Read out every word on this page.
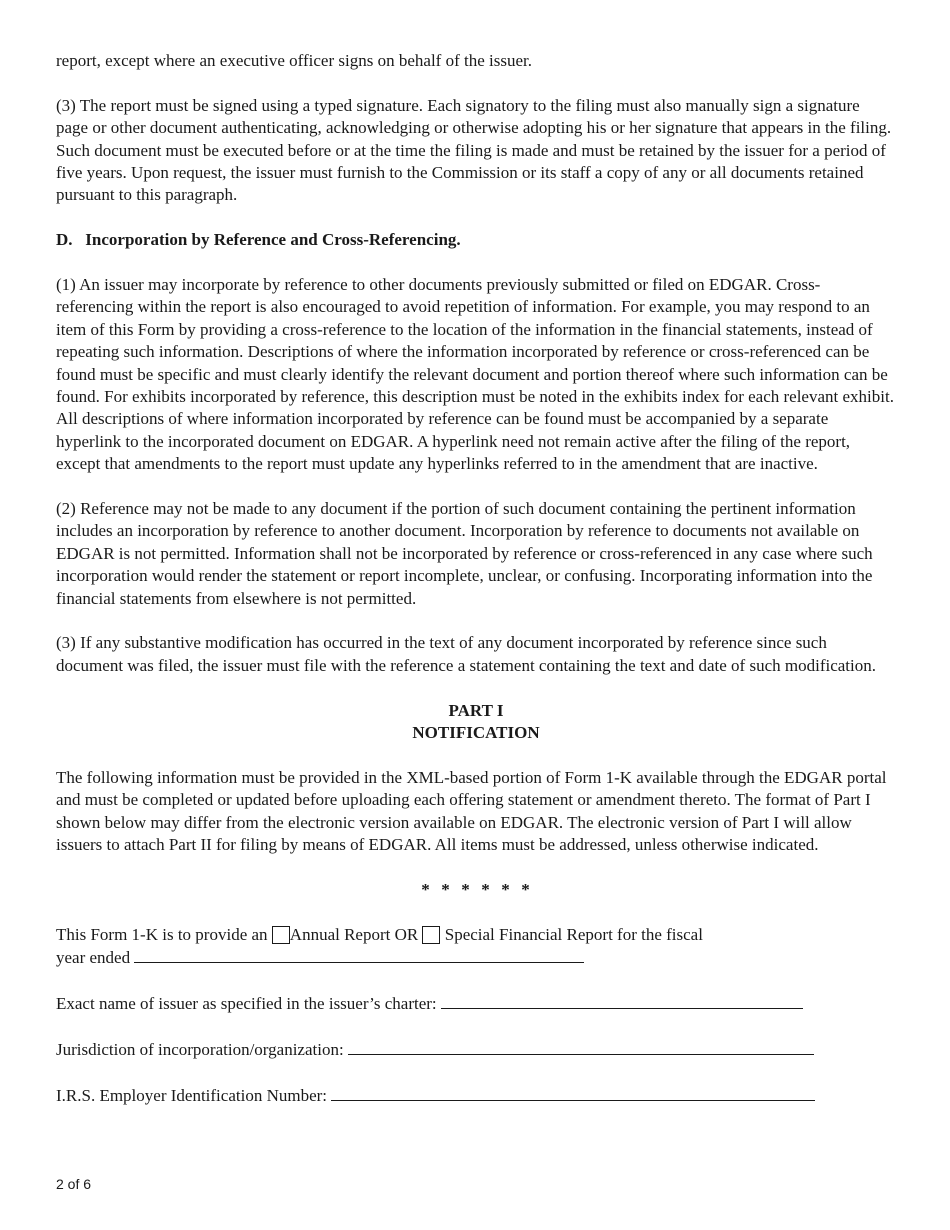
report, except where an executive officer signs on behalf of the issuer.

(3) The report must be signed using a typed signature. Each signatory to the filing must also manually sign a signature page or other document authenticating, acknowledging or otherwise adopting his or her signature that appears in the filing. Such document must be executed before or at the time the filing is made and must be retained by the issuer for a period of five years. Upon request, the issuer must furnish to the Commission or its staff a copy of any or all documents retained pursuant to this paragraph.

D.   Incorporation by Reference and Cross-Referencing.

(1) An issuer may incorporate by reference to other documents previously submitted or filed on EDGAR. Cross-referencing within the report is also encouraged to avoid repetition of information. For example, you may respond to an item of this Form by providing a cross-reference to the location of the information in the financial statements, instead of repeating such information. Descriptions of where the information incorporated by reference or cross-referenced can be found must be specific and must clearly identify the relevant document and portion thereof where such information can be found. For exhibits incorporated by reference, this description must be noted in the exhibits index for each relevant exhibit. All descriptions of where information incorporated by reference can be found must be accompanied by a separate hyperlink to the incorporated document on EDGAR. A hyperlink need not remain active after the filing of the report, except that amendments to the report must update any hyperlinks referred to in the amendment that are inactive.

(2) Reference may not be made to any document if the portion of such document containing the pertinent information includes an incorporation by reference to another document. Incorporation by reference to documents not available on EDGAR is not permitted. Information shall not be incorporated by reference or cross-referenced in any case where such incorporation would render the statement or report incomplete, unclear, or confusing. Incorporating information into the financial statements from elsewhere is not permitted.

(3) If any substantive modification has occurred in the text of any document incorporated by reference since such document was filed, the issuer must file with the reference a statement containing the text and date of such modification.

PART I

NOTIFICATION

The following information must be provided in the XML-based portion of Form 1-K available through the EDGAR portal and must be completed or updated before uploading each offering statement or amendment thereto. The format of Part I shown below may differ from the electronic version available on EDGAR. The electronic version of Part I will allow issuers to attach Part II for filing by means of EDGAR. All items must be addressed, unless otherwise indicated.

*  *  *  *  *  *

This Form 1-K is to provide an Annual Report OR Special Financial Report for the fiscal
year ended
Exact name of issuer as specified in the issuer’s charter:
Jurisdiction of incorporation/organization:
I.R.S. Employer Identification Number:
2 of 6
